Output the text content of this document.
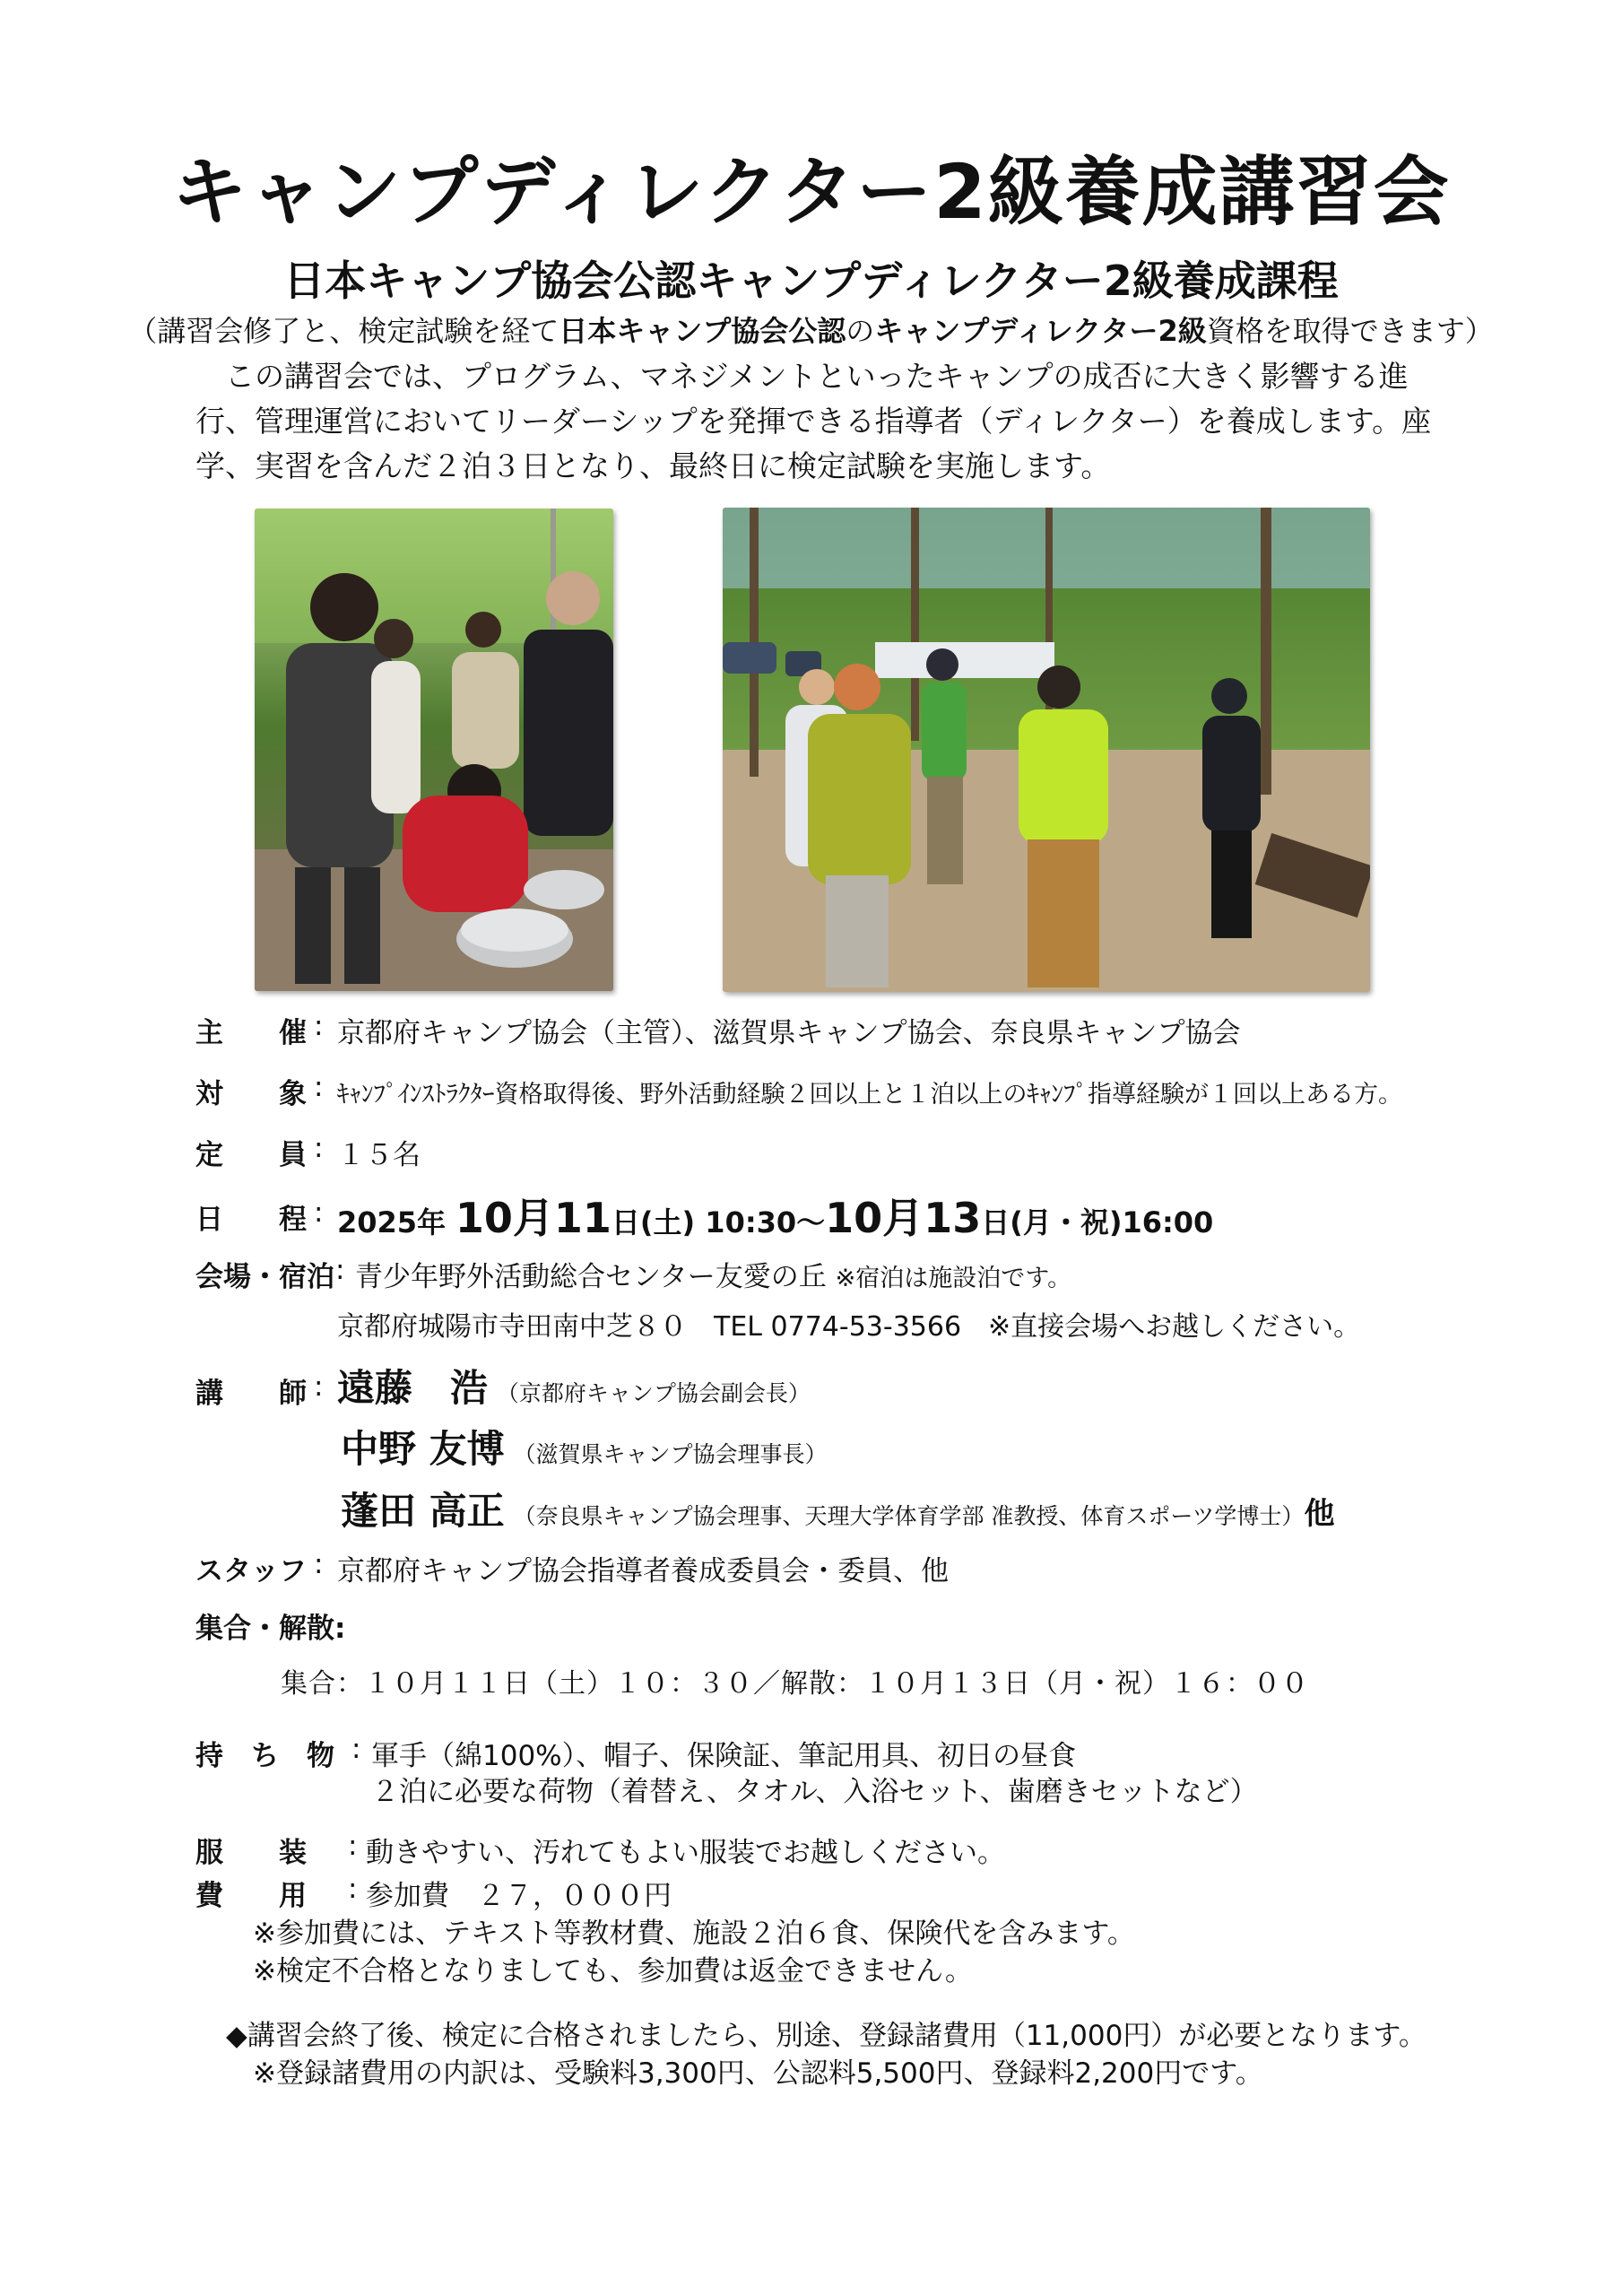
キャンプディレクター2級養成講習会
日本キャンプ協会公認キャンプディレクター2級養成課程
（講習会修了と、検定試験を経て日本キャンプ協会公認のキャンプディレクター2級資格を取得できます）
この講習会では、プログラム、マネジメントといったキャンプの成否に大きく影響する進行、管理運営においてリーダーシップを発揮できる指導者（ディレクター）を養成します。座学、実習を含んだ２泊３日となり、最終日に検定試験を実施します。
主　　催 : 京都府キャンプ協会（主管）、滋賀県キャンプ協会、奈良県キャンプ協会
対　　象 : ｷｬﾝﾌﾟｲﾝｽﾄﾗｸﾀｰ資格取得後、野外活動経験２回以上と１泊以上のｷｬﾝﾌﾟ指導経験が１回以上ある方。
定　　員 : １５名
日　　程 : 2025年 10月11日(土) 10:30〜10月13日(月・祝)16:00
会場・宿泊 : 青少年野外活動総合センター友愛の丘 ※宿泊は施設泊です。
京都府城陽市寺田南中芝８０　TEL 0774-53-3566　※直接会場へお越しください。
講　　師 : 遠藤　浩 （京都府キャンプ協会副会長）
中野 友博 （滋賀県キャンプ協会理事長）
蓬田 高正 （奈良県キャンプ協会理事、天理大学体育学部 准教授、体育スポーツ学博士）他
スタッフ : 京都府キャンプ協会指導者養成委員会・委員、他
集合・解散:
集合：１０月１１日（土）１０：３０／解散：１０月１３日（月・祝）１６：００
持　ち　物 : 軍手（綿100%）、帽子、保険証、筆記用具、初日の昼食
２泊に必要な荷物（着替え、タオル、入浴セット、歯磨きセットなど）
服　　装 : 動きやすい、汚れてもよい服装でお越しください。
費　　用 : 参加費　２７，０００円
※参加費には、テキスト等教材費、施設２泊６食、保険代を含みます。
※検定不合格となりましても、参加費は返金できません。
◆講習会終了後、検定に合格されましたら、別途、登録諸費用（11,000円）が必要となります。
※登録諸費用の内訳は、受験料3,300円、公認料5,500円、登録料2,200円です。
